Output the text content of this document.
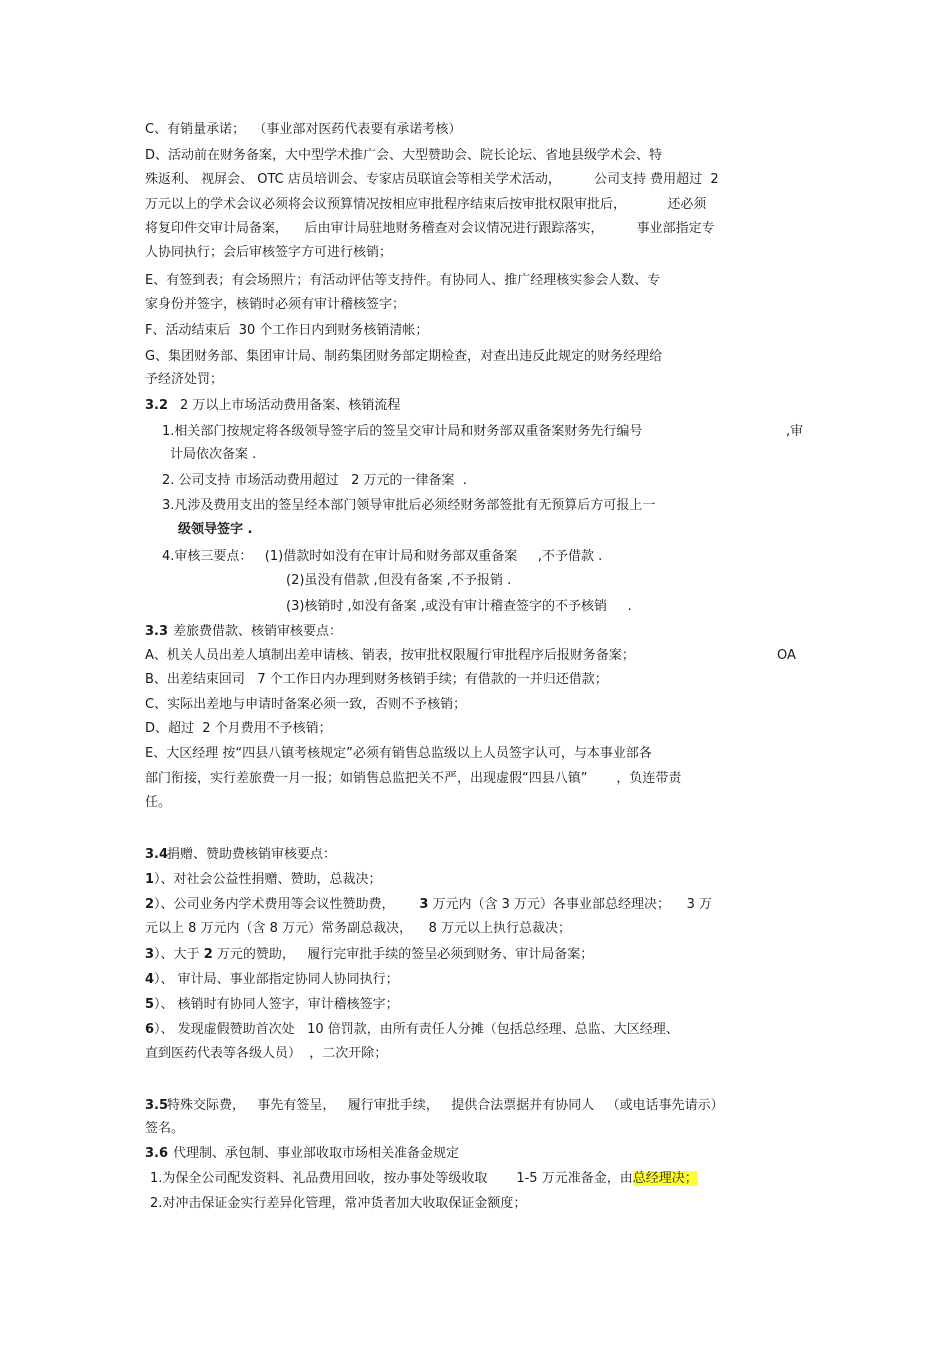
C、有销量承诺；  （事业部对医药代表要有承诺考核）
D、活动前在财务备案，大中型学术推广会、大型赞助会、院长论坛、省地县级学术会、特
殊返利、 视屏会、 OTC 店员培训会、专家店员联谊会等相关学术活动，        公司支持 费用超过  2
万元以上的学术会议必须将会议预算情况按相应审批程序结束后按审批权限审批后，          还必须
将复印件交审计局备案，    后由审计局驻地财务稽查对会议情况进行跟踪落实，        事业部指定专
人协同执行；会后审核签字方可进行核销；
E、有签到表；有会场照片；有活动评估等支持件。有协同人、推广经理核实参会人数、专
家身份并签字，核销时必须有审计稽核签字；
F、活动结束后  30 个工作日内到财务核销清帐；
G、集团财务部、集团审计局、制药集团财务部定期检查，对查出违反此规定的财务经理给
予经济处罚；
3.2 2 万以上市场活动费用备案、核销流程
1.相关部门按规定将各级领导签字后的签呈交审计局和财务部双重备案财务先行编号	,审
计局依次备案 .
2. 公司支持 市场活动费用超过   2 万元的一律备案  .
3.凡涉及费用支出的签呈经本部门领导审批后必须经财务部签批有无预算后方可报上一
级领导签字 .
4.审核三要点：   (1)借款时如没有在审计局和财务部双重备案     ,不予借款 .
(2)虽没有借款 ,但没有备案 ,不予报销 .
(3)核销时 ,如没有备案 ,或没有审计稽查签字的不予核销     .
3.3 差旅费借款、核销审核要点：
A、机关人员出差人填制出差申请核、销表，按审批权限履行审批程序后报财务备案；	OA
B、出差结束回司   7 个工作日内办理到财务核销手续；有借款的一并归还借款；
C、实际出差地与申请时备案必须一致，否则不予核销；
D、超过  2 个月费用不予核销；
E、大区经理 按“四县八镇考核规定”必须有销售总监级以上人员签字认可，与本事业部各
部门衔接，实行差旅费一月一报；如销售总监把关不严，出现虚假“四县八镇”       ，负连带责
任。
3.4
捐赠、赞助费核销审核要点：
1）、对社会公益性捐赠、赞助，总裁决；
2）、公司业务内学术费用等会议性赞助费，      3 万元内（含 3 万元）各事业部总经理决；    3 万
元以上 8 万元内（含 8 万元）常务副总裁决，    8 万元以上执行总裁决；
3）、大于 2 万元的赞助，   履行完审批手续的签呈必须到财务、审计局备案；
4）、 审计局、事业部指定协同人协同执行；
5）、 核销时有协同人签字，审计稽核签字；
6）、 发现虚假赞助首次处   10 倍罚款，由所有责任人分摊（包括总经理、总监、大区经理、
直到医药代表等各级人员）  ，二次开除；
3.5
特殊交际费，   事先有签呈，   履行审批手续，   提供合法票据并有协同人   （或电话事先请示）
签名。
3.6 代理制、承包制、事业部收取市场相关准备金规定
1.为保全公司配发资料、礼品费用回收，按办事处等级收取       1-5 万元准备金，由总经理决；
2.对冲击保证金实行差异化管理，常冲货者加大收取保证金额度；
